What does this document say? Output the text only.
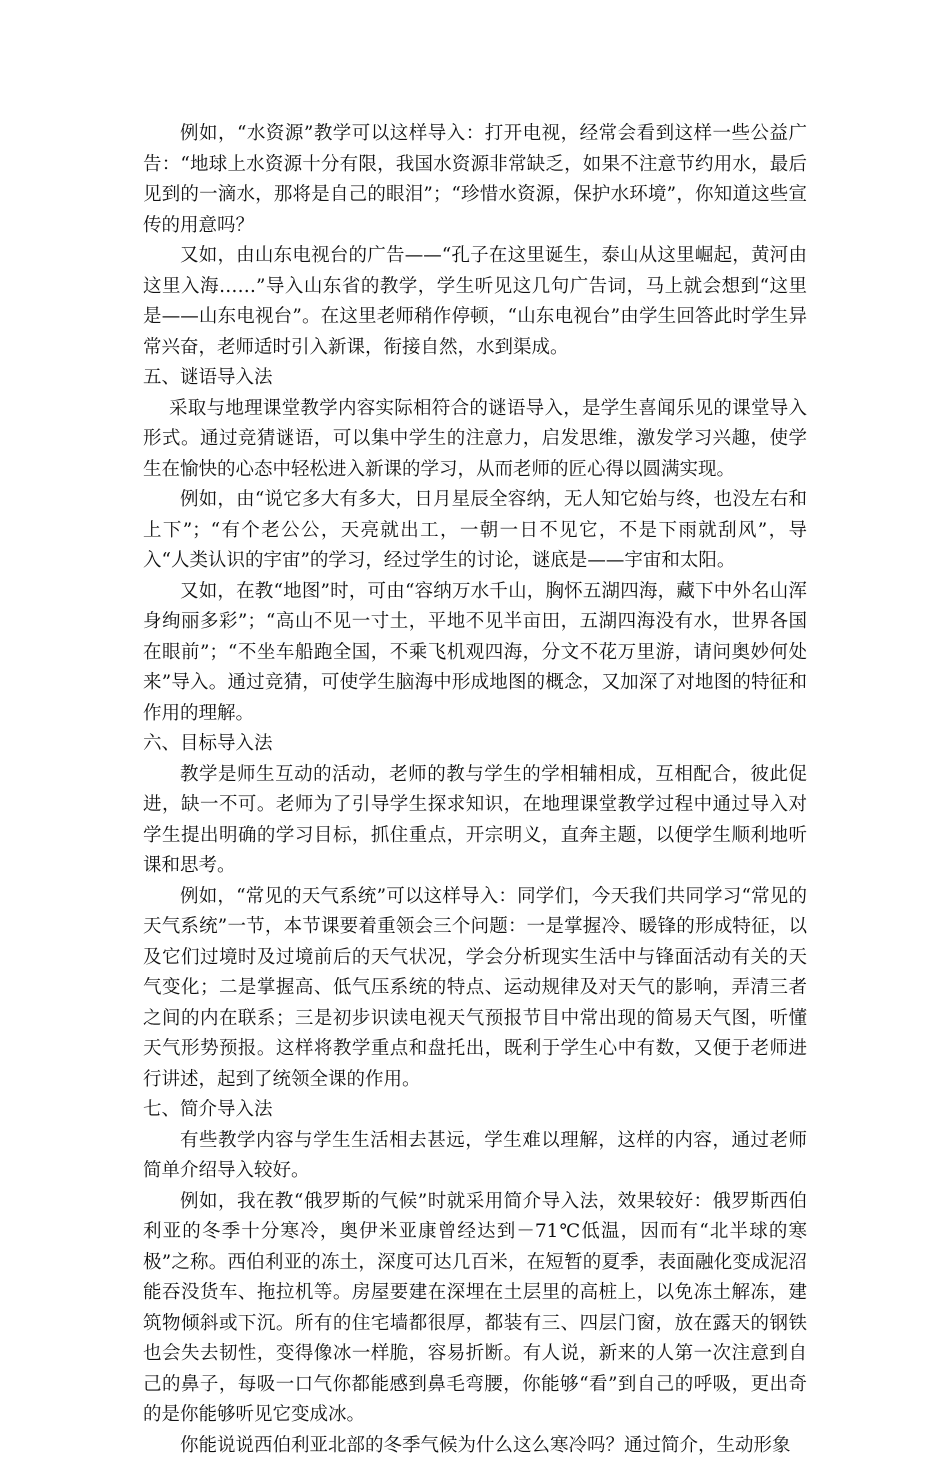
例如，“水资源”教学可以这样导入：打开电视，经常会看到这样一些公益广告：“地球上水资源十分有限，我国水资源非常缺乏，如果不注意节约用水，最后见到的一滴水，那将是自己的眼泪”；“珍惜水资源，保护水环境”，你知道这些宣传的用意吗？

又如，由山东电视台的广告——“孔子在这里诞生，泰山从这里崛起，黄河由这里入海……”导入山东省的教学，学生听见这几句广告词，马上就会想到“这里是——山东电视台”。在这里老师稍作停顿，“山东电视台”由学生回答此时学生异常兴奋，老师适时引入新课，衔接自然，水到渠成。

五、谜语导入法

采取与地理课堂教学内容实际相符合的谜语导入，是学生喜闻乐见的课堂导入形式。通过竞猜谜语，可以集中学生的注意力，启发思维，激发学习兴趣，使学生在愉快的心态中轻松进入新课的学习，从而老师的匠心得以圆满实现。

例如，由“说它多大有多大，日月星辰全容纳，无人知它始与终，也没左右和上下”；“有个老公公，天亮就出工，一朝一日不见它，不是下雨就刮风”，导入“人类认识的宇宙”的学习，经过学生的讨论，谜底是——宇宙和太阳。

又如，在教“地图”时，可由“容纳万水千山，胸怀五湖四海，藏下中外名山浑身绚丽多彩”；“高山不见一寸土，平地不见半亩田，五湖四海没有水，世界各国在眼前”；“不坐车船跑全国，不乘飞机观四海，分文不花万里游，请问奥妙何处来”导入。通过竞猜，可使学生脑海中形成地图的概念，又加深了对地图的特征和作用的理解。

六、目标导入法

教学是师生互动的活动，老师的教与学生的学相辅相成，互相配合，彼此促进，缺一不可。老师为了引导学生探求知识，在地理课堂教学过程中通过导入对学生提出明确的学习目标，抓住重点，开宗明义，直奔主题，以便学生顺利地听课和思考。

例如，“常见的天气系统”可以这样导入：同学们，今天我们共同学习“常见的天气系统”一节，本节课要着重领会三个问题：一是掌握冷、暖锋的形成特征，以及它们过境时及过境前后的天气状况，学会分析现实生活中与锋面活动有关的天气变化；二是掌握高、低气压系统的特点、运动规律及对天气的影响，弄清三者之间的内在联系；三是初步识读电视天气预报节目中常出现的简易天气图，听懂天气形势预报。这样将教学重点和盘托出，既利于学生心中有数，又便于老师进行讲述，起到了统领全课的作用。

七、简介导入法

有些教学内容与学生生活相去甚远，学生难以理解，这样的内容，通过老师简单介绍导入较好。

例如，我在教“俄罗斯的气候”时就采用简介导入法，效果较好：俄罗斯西伯利亚的冬季十分寒冷，奥伊米亚康曾经达到－71℃低温，因而有“北半球的寒极”之称。西伯利亚的冻土，深度可达几百米，在短暂的夏季，表面融化变成泥沼能吞没货车、拖拉机等。房屋要建在深埋在土层里的高桩上，以免冻土解冻，建筑物倾斜或下沉。所有的住宅墙都很厚，都装有三、四层门窗，放在露天的钢铁也会失去韧性，变得像冰一样脆，容易折断。有人说，新来的人第一次注意到自己的鼻子，每吸一口气你都能感到鼻毛弯腰，你能够“看”到自己的呼吸，更出奇的是你能够听见它变成冰。

你能说说西伯利亚北部的冬季气候为什么这么寒冷吗？通过简介，生动形象
